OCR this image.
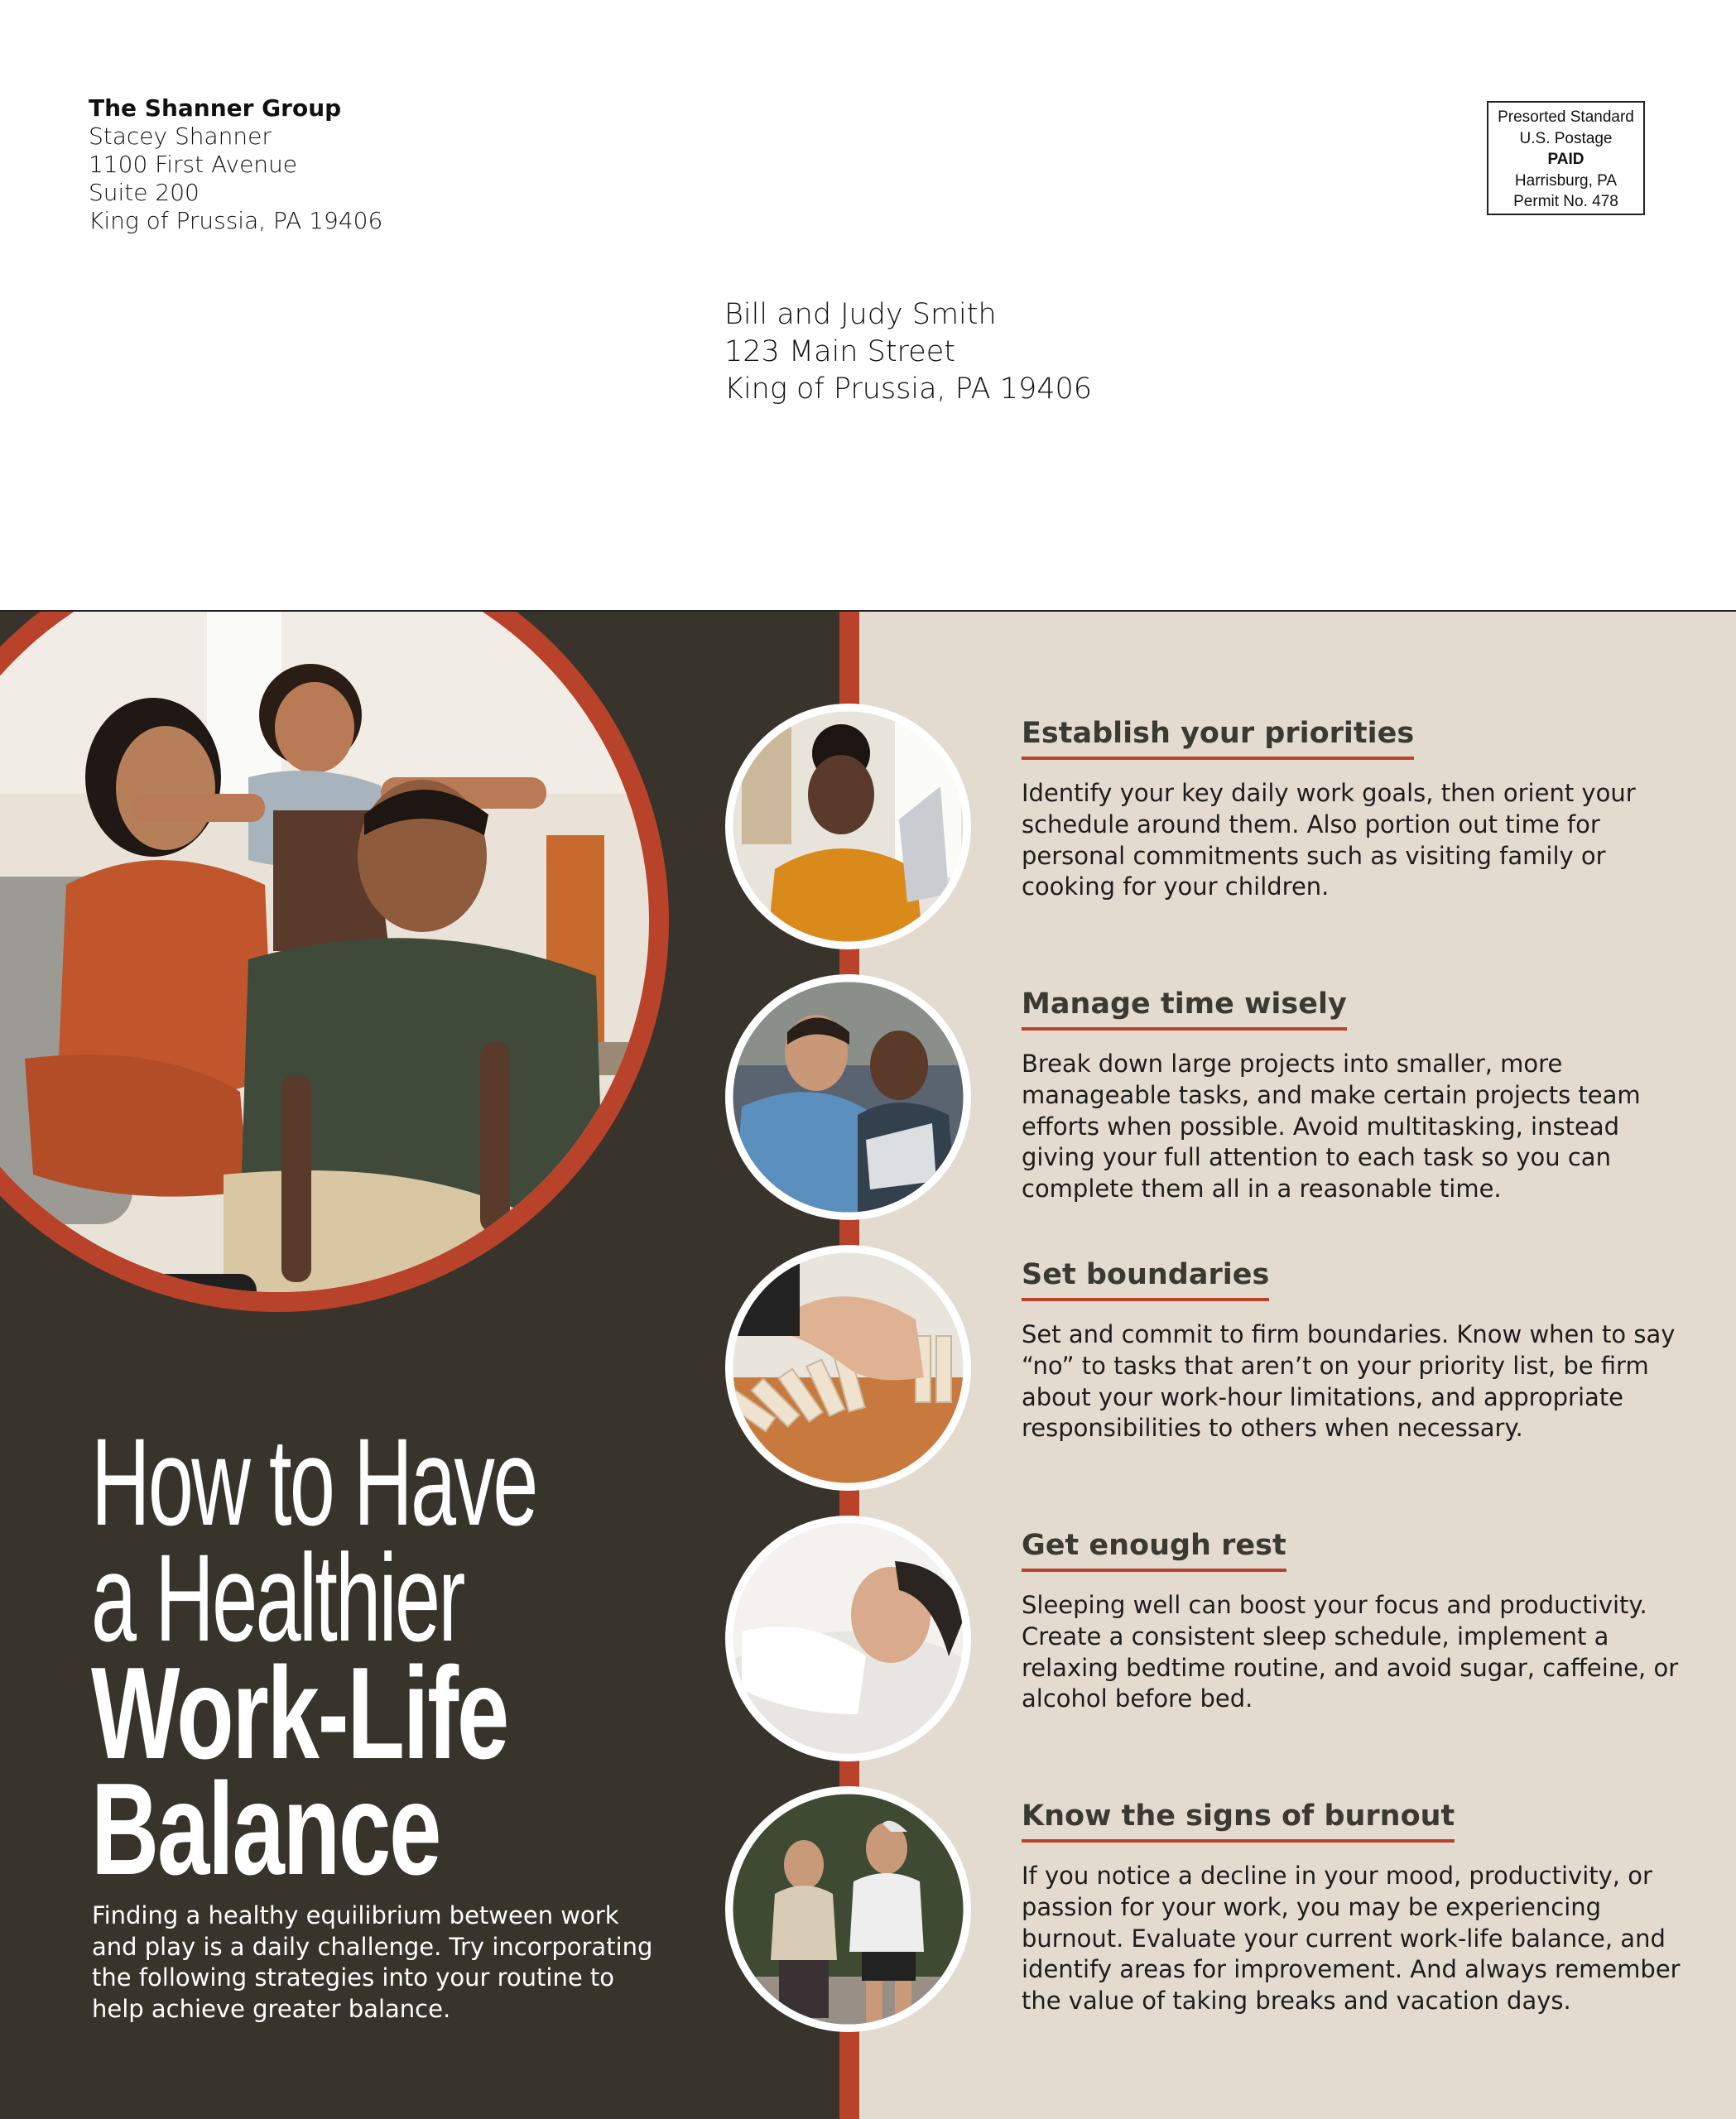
The Shanner Group
Stacey Shanner
1100 First Avenue
Suite 200
King of Prussia, PA 19406
Presorted Standard
U.S. Postage
PAID
Harrisburg, PA
Permit No. 478
Bill and Judy Smith
123 Main Street
King of Prussia, PA 19406
How to Have
a Healthier
Work-Life
Balance
Finding a healthy equilibrium between work and play is a daily challenge. Try incorporating the following strategies into your routine to help achieve greater balance.
Establish your priorities
Identify your key daily work goals, then orient your schedule around them. Also portion out time for personal commitments such as visiting family or cooking for your children.
Manage time wisely
Break down large projects into smaller, more manageable tasks, and make certain projects team efforts when possible. Avoid multitasking, instead giving your full attention to each task so you can complete them all in a reasonable time.
Set boundaries
Set and commit to firm boundaries. Know when to say “no” to tasks that aren’t on your priority list, be firm about your work-hour limitations, and appropriate responsibilities to others when necessary.
Get enough rest
Sleeping well can boost your focus and productivity. Create a consistent sleep schedule, implement a relaxing bedtime routine, and avoid sugar, caffeine, or alcohol before bed.
Know the signs of burnout
If you notice a decline in your mood, productivity, or passion for your work, you may be experiencing burnout. Evaluate your current work-life balance, and identify areas for improvement. And always remember the value of taking breaks and vacation days.
